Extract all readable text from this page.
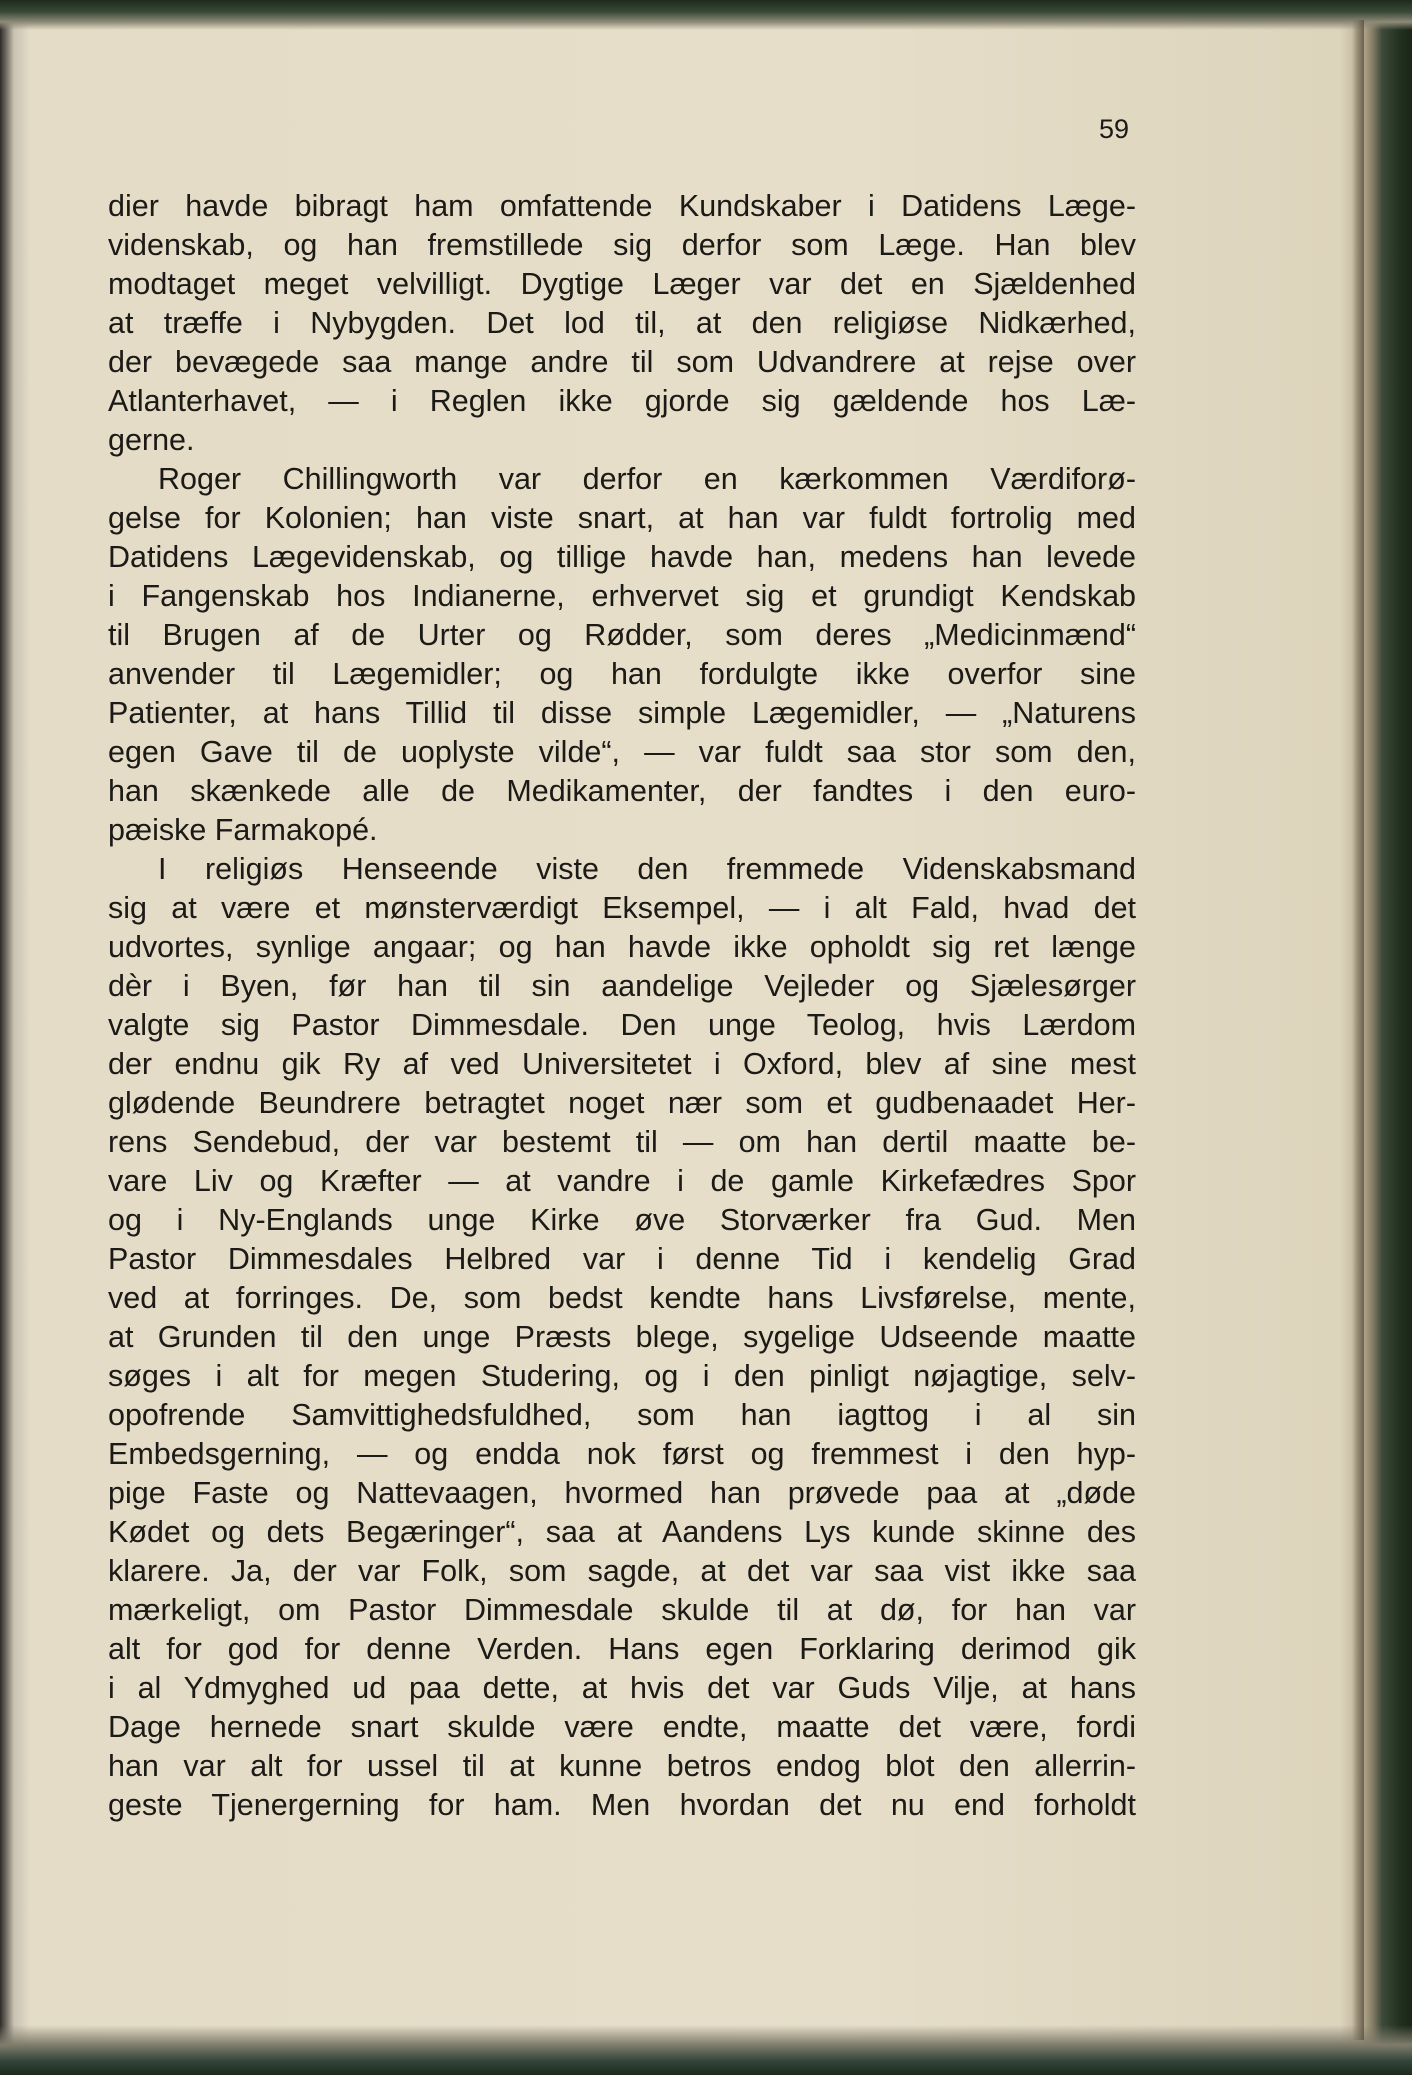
59

dier havde bibragt ham omfattende Kundskaber i Datidens Læge-
videnskab, og han fremstillede sig derfor som Læge. Han blev
modtaget meget velvilligt. Dygtige Læger var det en Sjældenhed
at træffe i Nybygden. Det lod til, at den religiøse Nidkærhed,
der bevægede saa mange andre til som Udvandrere at rejse over
Atlanterhavet, — i Reglen ikke gjorde sig gældende hos Læ-
gerne.
Roger Chillingworth var derfor en kærkommen Værdiforø-
gelse for Kolonien; han viste snart, at han var fuldt fortrolig med
Datidens Lægevidenskab, og tillige havde han, medens han levede
i Fangenskab hos Indianerne, erhvervet sig et grundigt Kendskab
til Brugen af de Urter og Rødder, som deres „Medicinmænd“
anvender til Lægemidler; og han fordulgte ikke overfor sine
Patienter, at hans Tillid til disse simple Lægemidler, — „Naturens
egen Gave til de uoplyste vilde“, — var fuldt saa stor som den,
han skænkede alle de Medikamenter, der fandtes i den euro-
pæiske Farmakopé.
I religiøs Henseende viste den fremmede Videnskabsmand
sig at være et mønsterværdigt Eksempel, — i alt Fald, hvad det
udvortes, synlige angaar; og han havde ikke opholdt sig ret længe
dèr i Byen, før han til sin aandelige Vejleder og Sjælesørger
valgte sig Pastor Dimmesdale. Den unge Teolog, hvis Lærdom
der endnu gik Ry af ved Universitetet i Oxford, blev af sine mest
glødende Beundrere betragtet noget nær som et gudbenaadet Her-
rens Sendebud, der var bestemt til — om han dertil maatte be-
vare Liv og Kræfter — at vandre i de gamle Kirkefædres Spor
og i Ny-Englands unge Kirke øve Storværker fra Gud. Men
Pastor Dimmesdales Helbred var i denne Tid i kendelig Grad
ved at forringes. De, som bedst kendte hans Livsførelse, mente,
at Grunden til den unge Præsts blege, sygelige Udseende maatte
søges i alt for megen Studering, og i den pinligt nøjagtige, selv-
opofrende Samvittighedsfuldhed, som han iagttog i al sin
Embedsgerning, — og endda nok først og fremmest i den hyp-
pige Faste og Nattevaagen, hvormed han prøvede paa at „døde
Kødet og dets Begæringer“, saa at Aandens Lys kunde skinne des
klarere. Ja, der var Folk, som sagde, at det var saa vist ikke saa
mærkeligt, om Pastor Dimmesdale skulde til at dø, for han var
alt for god for denne Verden. Hans egen Forklaring derimod gik
i al Ydmyghed ud paa dette, at hvis det var Guds Vilje, at hans
Dage hernede snart skulde være endte, maatte det være, fordi
han var alt for ussel til at kunne betros endog blot den allerrin-
geste Tjenergerning for ham. Men hvordan det nu end forholdt
